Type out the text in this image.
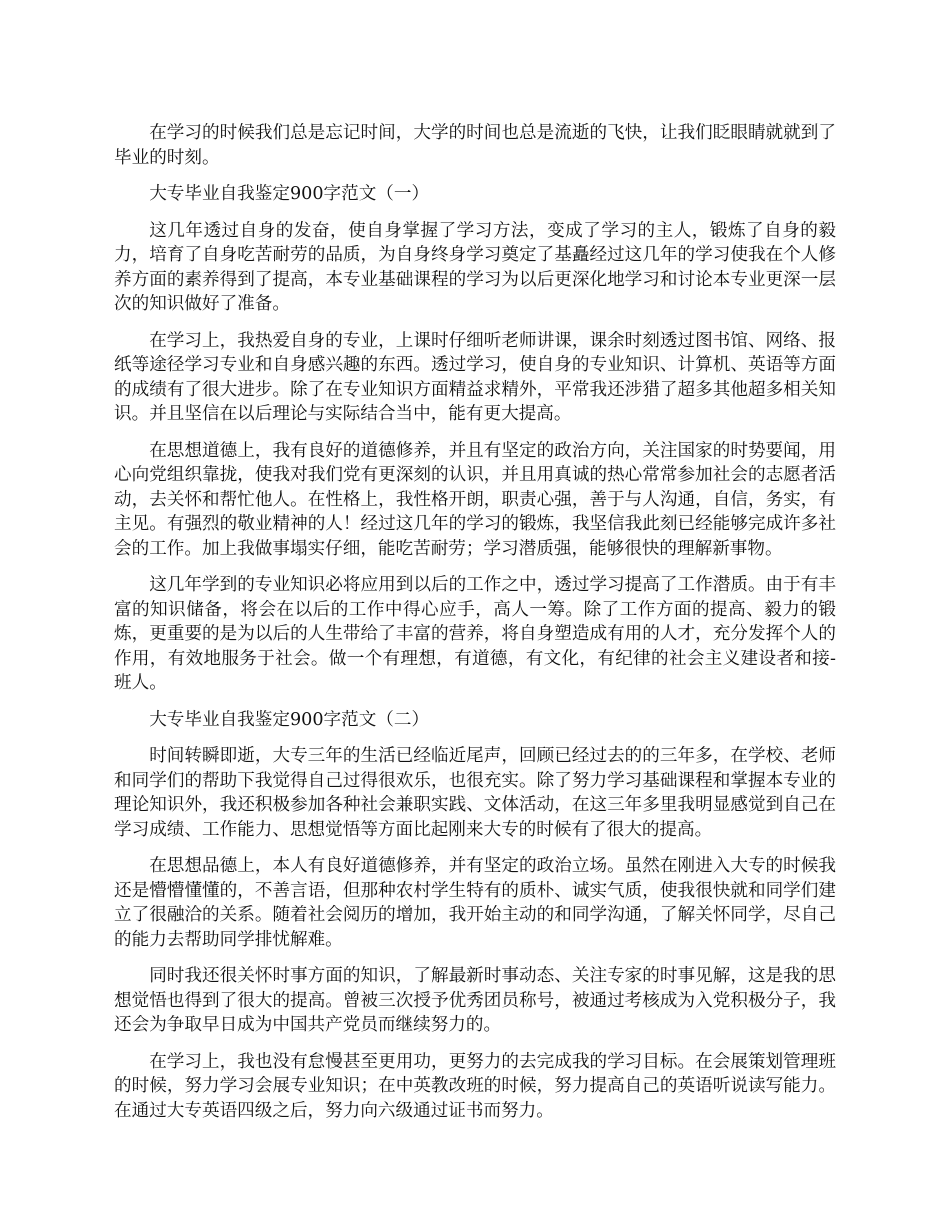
在学习的时候我们总是忘记时间，大学的时间也总是流逝的飞快，让我们眨眼睛就就到了毕业的时刻。

大专毕业自我鉴定900字范文（一）

这几年透过自身的发奋，使自身掌握了学习方法，变成了学习的主人，锻炼了自身的毅力，培育了自身吃苦耐劳的品质，为自身终身学习奠定了基矗经过这几年的学习使我在个人修养方面的素养得到了提高，本专业基础课程的学习为以后更深化地学习和讨论本专业更深一层次的知识做好了准备。

在学习上，我热爱自身的专业，上课时仔细听老师讲课，课余时刻透过图书馆、网络、报纸等途径学习专业和自身感兴趣的东西。透过学习，使自身的专业知识、计算机、英语等方面的成绩有了很大进步。除了在专业知识方面精益求精外，平常我还涉猎了超多其他超多相关知识。并且坚信在以后理论与实际结合当中，能有更大提高。

在思想道德上，我有良好的道德修养，并且有坚定的政治方向，关注国家的时势要闻，用心向党组织靠拢，使我对我们党有更深刻的认识，并且用真诚的热心常常参加社会的志愿者活动，去关怀和帮忙他人。在性格上，我性格开朗，职责心强，善于与人沟通，自信，务实，有主见。有强烈的敬业精神的人！经过这几年的学习的锻炼，我坚信我此刻已经能够完成许多社会的工作。加上我做事塌实仔细，能吃苦耐劳；学习潜质强，能够很快的理解新事物。

这几年学到的专业知识必将应用到以后的工作之中，透过学习提高了工作潜质。由于有丰富的知识储备，将会在以后的工作中得心应手，高人一筹。除了工作方面的提高、毅力的锻炼，更重要的是为以后的人生带给了丰富的营养，将自身塑造成有用的人才，充分发挥个人的作用，有效地服务于社会。做一个有理想，有道德，有文化，有纪律的社会主义建设者和接-班人。

大专毕业自我鉴定900字范文（二）

时间转瞬即逝，大专三年的生活已经临近尾声，回顾已经过去的的三年多，在学校、老师和同学们的帮助下我觉得自己过得很欢乐，也很充实。除了努力学习基础课程和掌握本专业的理论知识外，我还积极参加各种社会兼职实践、文体活动，在这三年多里我明显感觉到自己在学习成绩、工作能力、思想觉悟等方面比起刚来大专的时候有了很大的提高。

在思想品德上，本人有良好道德修养，并有坚定的政治立场。虽然在刚进入大专的时候我还是懵懵懂懂的，不善言语，但那种农村学生特有的质朴、诚实气质，使我很快就和同学们建立了很融洽的关系。随着社会阅历的增加，我开始主动的和同学沟通，了解关怀同学，尽自己的能力去帮助同学排忧解难。

同时我还很关怀时事方面的知识，了解最新时事动态、关注专家的时事见解，这是我的思想觉悟也得到了很大的提高。曾被三次授予优秀团员称号，被通过考核成为入党积极分子，我还会为争取早日成为中国共产党员而继续努力的。

在学习上，我也没有怠慢甚至更用功，更努力的去完成我的学习目标。在会展策划管理班的时候，努力学习会展专业知识；在中英教改班的时候，努力提高自己的英语听说读写能力。在通过大专英语四级之后，努力向六级通过证书而努力。
